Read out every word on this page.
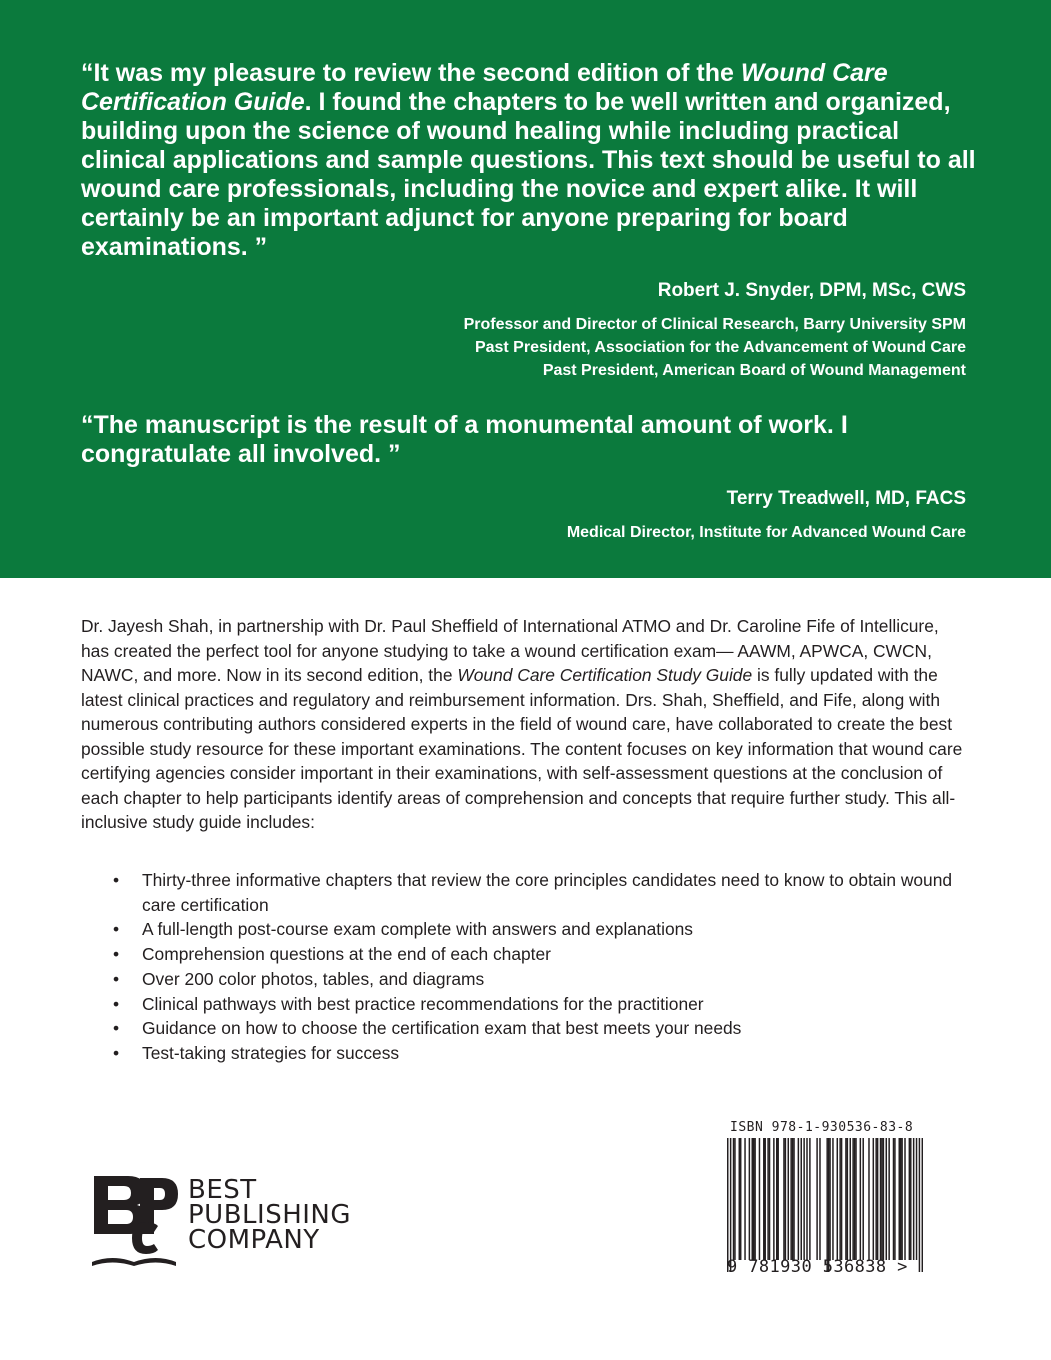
“It was my pleasure to review the second edition of the Wound Care Certification Guide. I found the chapters to be well written and organized, building upon the science of wound healing while including practical clinical applications and sample questions. This text should be useful to all wound care professionals, including the novice and expert alike. It will certainly be an important adjunct for anyone preparing for board examinations. ”

Robert J. Snyder, DPM, MSc, CWS

Professor and Director of Clinical Research, Barry University SPM
Past President, Association for the Advancement of Wound Care
Past President, American Board of Wound Management

“The manuscript is the result of a monumental amount of work. I congratulate all involved. ”

Terry Treadwell, MD, FACS

Medical Director, Institute for Advanced Wound Care

Dr. Jayesh Shah, in partnership with Dr. Paul Sheffield of International ATMO and Dr. Caroline Fife of Intellicure, has created the perfect tool for anyone studying to take a wound certification exam— AAWM, APWCA, CWCN, NAWC, and more. Now in its second edition, the Wound Care Certification Study Guide is fully updated with the latest clinical practices and regulatory and reimbursement information. Drs. Shah, Sheffield, and Fife, along with numerous contributing authors considered experts in the field of wound care, have collaborated to create the best possible study resource for these important examinations. The content focuses on key information that wound care certifying agencies consider important in their examinations, with self-assessment questions at the conclusion of each chapter to help participants identify areas of comprehension and concepts that require further study. This all-inclusive study guide includes:

• Thirty-three informative chapters that review the core principles candidates need to know to obtain wound care certification
• A full-length post-course exam complete with answers and explanations
• Comprehension questions at the end of each chapter
• Over 200 color photos, tables, and diagrams
• Clinical pathways with best practice recommendations for the practitioner
• Guidance on how to choose the certification exam that best meets your needs
• Test-taking strategies for success
BEST
PUBLISHING
COMPANY
ISBN 978-1-930536-83-8
9 781930 536838 >
